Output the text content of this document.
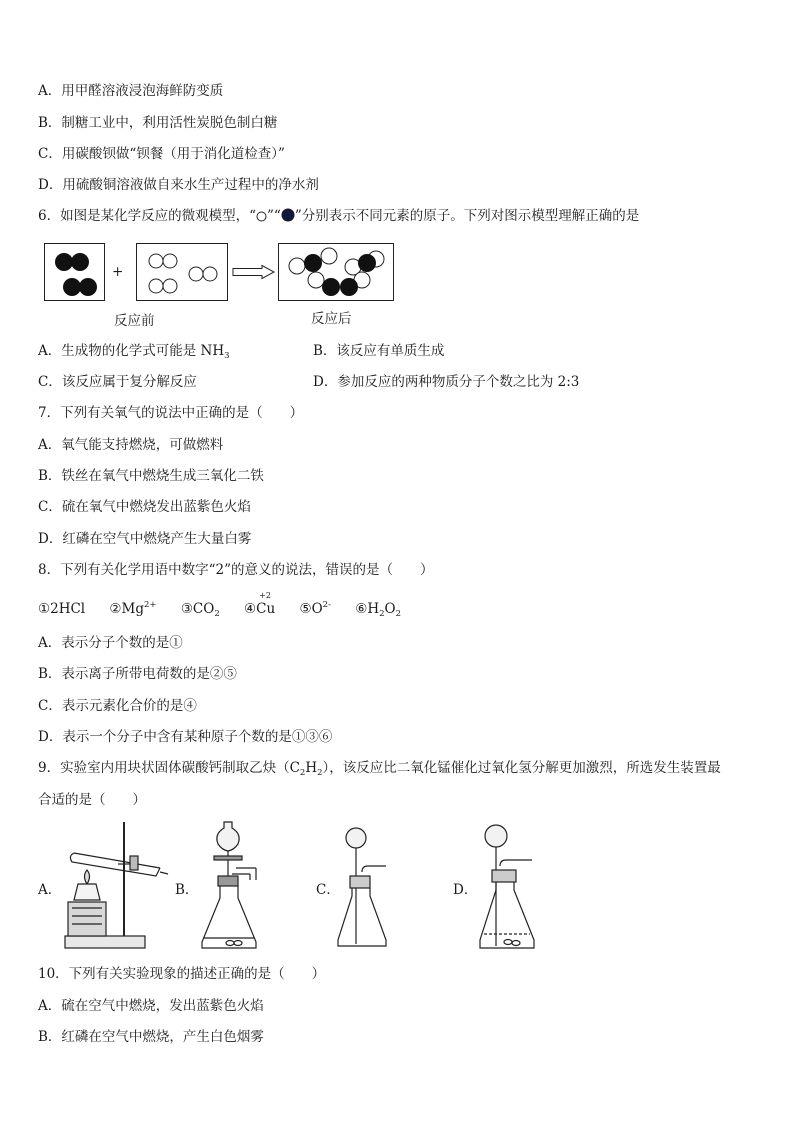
A．用甲醛溶液浸泡海鲜防变质
B．制糖工业中，利用活性炭脱色制白糖
C．用碳酸钡做“钡餐（用于消化道检查）”
D．用硫酸铜溶液做自来水生产过程中的净水剂
6．如图是某化学反应的微观模型，“ ”“ ”分别表示不同元素的原子。下列对图示模型理解正确的是
+
反应前	反应后
A．生成物的化学式可能是 $NH_3$	B．该反应有单质生成
C．该反应属于复分解反应	D．参加反应的两种物质分子个数之比为 2:3
7．下列有关氧气的说法中正确的是（　　）
A．氧气能支持燃烧，可做燃料
B．铁丝在氧气中燃烧生成三氧化二铁
C．硫在氧气中燃烧发出蓝紫色火焰
D．红磷在空气中燃烧产生大量白雾
8．下列有关化学用语中数字“2”的意义的说法，错误的是（　　）
①2HCl $②Mg^{2+}$ $③CO_2$ ④
+2
Cu $⑤O^{2-}$ $⑥H_2O_2$
A．表示分子个数的是①
B．表示离子所带电荷数的是②⑤
C．表示元素化合价的是④
D．表示一个分子中含有某种原子个数的是①③⑥
9．实验室内用块状固体碳酸钙制取乙炔$(C_2H_2)$，该反应比二氧化锰催化过氧化氢分解更加激烈，所选发生装置最
合适的是（　　）
A．	B．	C．	D．
10．下列有关实验现象的描述正确的是（　　）
A．硫在空气中燃烧，发出蓝紫色火焰
B．红磷在空气中燃烧，产生白色烟雾
